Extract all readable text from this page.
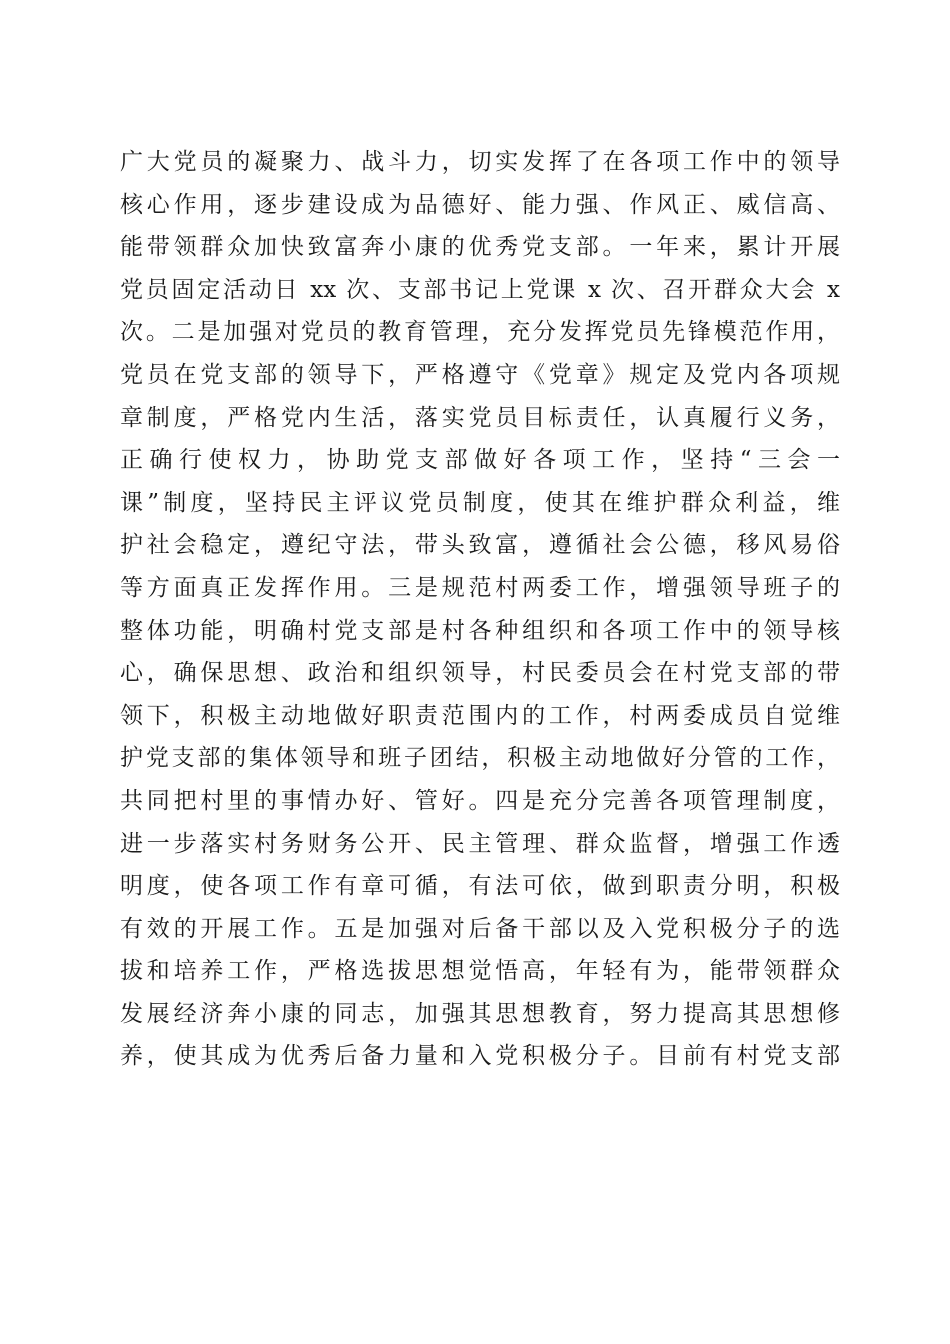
广大党员的凝聚力、战斗力，切实发挥了在各项工作中的领导
核心作用，逐步建设成为品德好、能力强、作风正、威信高、
能带领群众加快致富奔小康的优秀党支部。一年来，累计开展
党员固定活动日 xx 次、支部书记上党课 x 次、召开群众大会 x
次。二是加强对党员的教育管理，充分发挥党员先锋模范作用，
党员在党支部的领导下，严格遵守《党章》规定及党内各项规
章制度，严格党内生活，落实党员目标责任，认真履行义务，
正确行使权力，协助党支部做好各项工作，坚持“三会一
课”制度，坚持民主评议党员制度，使其在维护群众利益，维
护社会稳定，遵纪守法，带头致富，遵循社会公德，移风易俗
等方面真正发挥作用。三是规范村两委工作，增强领导班子的
整体功能，明确村党支部是村各种组织和各项工作中的领导核
心，确保思想、政治和组织领导，村民委员会在村党支部的带
领下，积极主动地做好职责范围内的工作，村两委成员自觉维
护党支部的集体领导和班子团结，积极主动地做好分管的工作，
共同把村里的事情办好、管好。四是充分完善各项管理制度，
进一步落实村务财务公开、民主管理、群众监督，增强工作透
明度，使各项工作有章可循，有法可依，做到职责分明，积极
有效的开展工作。五是加强对后备干部以及入党积极分子的选
拔和培养工作，严格选拔思想觉悟高，年轻有为，能带领群众
发展经济奔小康的同志，加强其思想教育，努力提高其思想修
养，使其成为优秀后备力量和入党积极分子。目前有村党支部
